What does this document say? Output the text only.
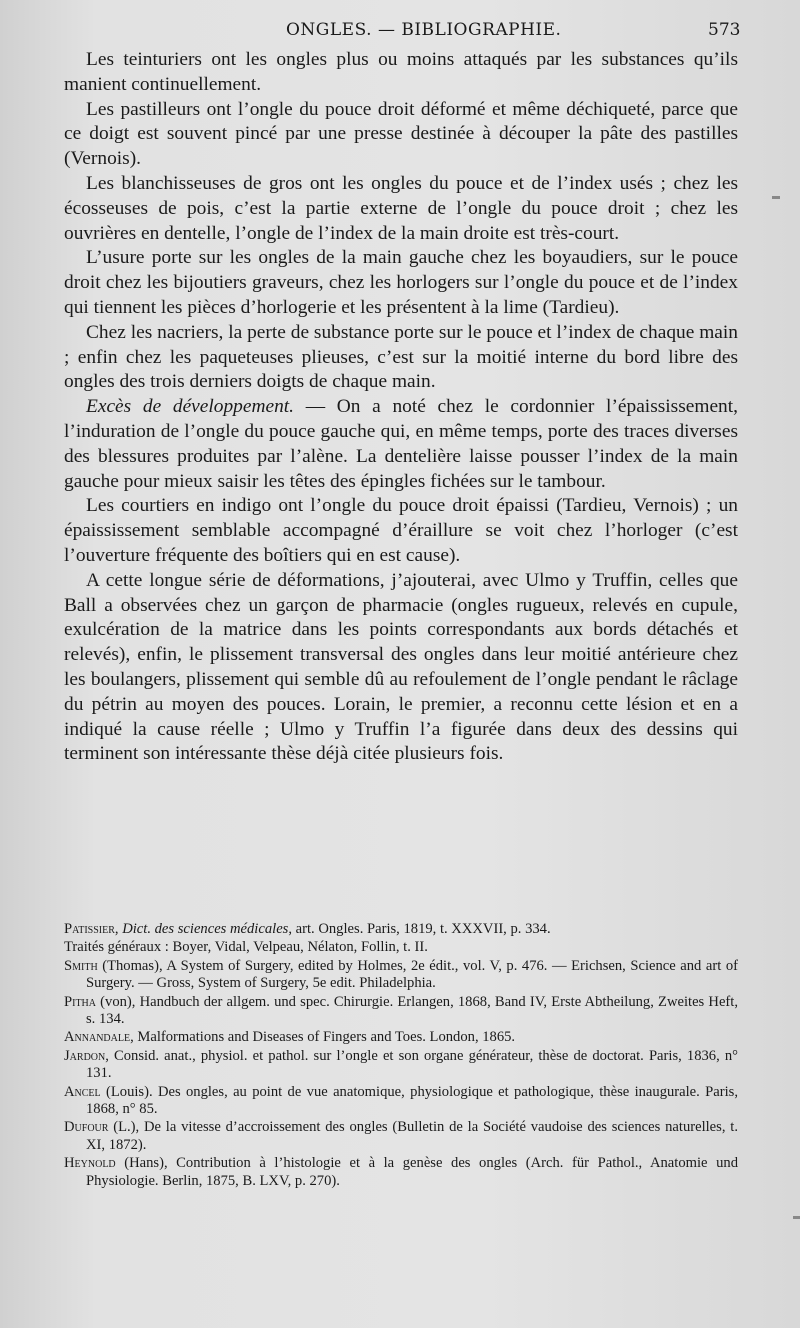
ONGLES. — BIBLIOGRAPHIE.	573

Les teinturiers ont les ongles plus ou moins attaqués par les substances qu’ils manient continuellement.

Les pastilleurs ont l’ongle du pouce droit déformé et même déchiqueté, parce que ce doigt est souvent pincé par une presse destinée à découper la pâte des pastilles (Vernois).

Les blanchisseuses de gros ont les ongles du pouce et de l’index usés ; chez les écosseuses de pois, c’est la partie externe de l’ongle du pouce droit ; chez les ouvrières en dentelle, l’ongle de l’index de la main droite est très-court.

L’usure porte sur les ongles de la main gauche chez les boyaudiers, sur le pouce droit chez les bijoutiers graveurs, chez les horlogers sur l’ongle du pouce et de l’index qui tiennent les pièces d’horlogerie et les présentent à la lime (Tardieu).

Chez les nacriers, la perte de substance porte sur le pouce et l’index de chaque main ; enfin chez les paqueteuses plieuses, c’est sur la moitié interne du bord libre des ongles des trois derniers doigts de chaque main.

Excès de développement. — On a noté chez le cordonnier l’épaississement, l’induration de l’ongle du pouce gauche qui, en même temps, porte des traces diverses des blessures produites par l’alène. La dentelière laisse pousser l’index de la main gauche pour mieux saisir les têtes des épingles fichées sur le tambour.

Les courtiers en indigo ont l’ongle du pouce droit épaissi (Tardieu, Vernois) ; un épaississement semblable accompagné d’éraillure se voit chez l’horloger (c’est l’ouverture fréquente des boîtiers qui en est cause).

A cette longue série de déformations, j’ajouterai, avec Ulmo y Truffin, celles que Ball a observées chez un garçon de pharmacie (ongles rugueux, relevés en cupule, exulcération de la matrice dans les points correspondants aux bords détachés et relevés), enfin, le plissement transversal des ongles dans leur moitié antérieure chez les boulangers, plissement qui semble dû au refoulement de l’ongle pendant le râclage du pétrin au moyen des pouces. Lorain, le premier, a reconnu cette lésion et en a indiqué la cause réelle ; Ulmo y Truffin l’a figurée dans deux des dessins qui terminent son intéressante thèse déjà citée plusieurs fois.

Patissier, Dict. des sciences médicales, art. Ongles. Paris, 1819, t. XXXVII, p. 334.

Traités généraux : Boyer, Vidal, Velpeau, Nélaton, Follin, t. II.

Smith (Thomas), A System of Surgery, edited by Holmes, 2e édit., vol. V, p. 476. — Erichsen, Science and art of Surgery. — Gross, System of Surgery, 5e edit. Philadelphia.

Pitha (von), Handbuch der allgem. und spec. Chirurgie. Erlangen, 1868, Band IV, Erste Abtheilung, Zweites Heft, s. 134.

Annandale, Malformations and Diseases of Fingers and Toes. London, 1865.

Jardon, Consid. anat., physiol. et pathol. sur l’ongle et son organe générateur, thèse de doctorat. Paris, 1836, n° 131.

Ancel (Louis). Des ongles, au point de vue anatomique, physiologique et pathologique, thèse inaugurale. Paris, 1868, n° 85.

Dufour (L.), De la vitesse d’accroissement des ongles (Bulletin de la Société vaudoise des sciences naturelles, t. XI, 1872).

Heynold (Hans), Contribution à l’histologie et à la genèse des ongles (Arch. für Pathol., Anatomie und Physiologie. Berlin, 1875, B. LXV, p. 270).
